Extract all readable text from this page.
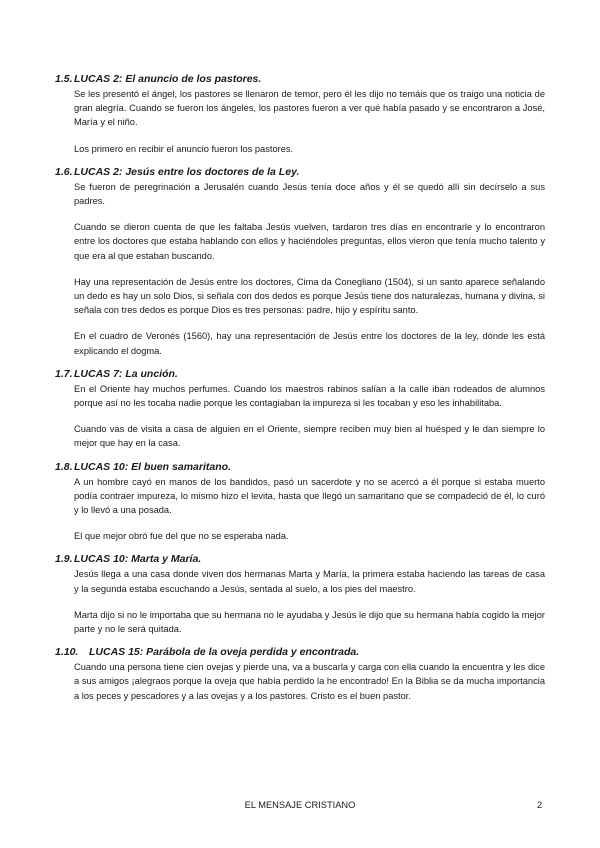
1.5. LUCAS 2: El anuncio de los pastores.

Se les presentó el ángel, los pastores se llenaron de temor, pero él les dijo no temáis que os traigo una noticia de gran alegría. Cuando se fueron los ángeles, los pastores fueron a ver qué había pasado y se encontraron a José, María y el niño.

Los primero en recibir el anuncio fueron los pastores.

1.6. LUCAS 2: Jesús entre los doctores de la Ley.

Se fueron de peregrinación a Jerusalén cuando Jesús tenía doce años y él se quedó allí sin decírselo a sus padres.

Cuando se dieron cuenta de que les faltaba Jesús vuelven, tardaron tres días en encontrarle y lo encontraron entre los doctores que estaba hablando con ellos y haciéndoles preguntas, ellos vieron que tenía mucho talento y que era al que estaban buscando.

Hay una representación de Jesús entre los doctores, Cima da Conegliano (1504), si un santo aparece señalando un dedo es hay un solo Dios, si señala con dos dedos es porque Jesús tiene dos naturalezas, humana y divina, si señala con tres dedos es porque Dios es tres personas: padre, hijo y espíritu santo.

En el cuadro de Veronés (1560), hay una representación de Jesús entre los doctores de la ley, dónde les está explicando el dogma.

1.7. LUCAS 7: La unción.

En el Oriente hay muchos perfumes. Cuando los maestros rabinos salían a la calle iban rodeados de alumnos porque así no les tocaba nadie porque les contagiaban la impureza si les tocaban y eso les inhabilitaba.

Cuando vas de visita a casa de alguien en el Oriente, siempre reciben muy bien al huésped y le dan siempre lo mejor que hay en la casa.

1.8. LUCAS 10: El buen samaritano.

A un hombre cayó en manos de los bandidos, pasó un sacerdote y no se acercó a él porque si estaba muerto podía contraer impureza, lo mismo hizo el levita, hasta que llegó un samaritano que se compadeció de él, lo curó y lo llevó a una posada.

El que mejor obró fue del que no se esperaba nada.

1.9. LUCAS 10: Marta y María.

Jesús llega a una casa donde viven dos hermanas Marta y María, la primera estaba haciendo las tareas de casa y la segunda estaba escuchando a Jesús, sentada al suelo, a los pies del maestro.

Marta dijo si no le importaba que su hermana no le ayudaba y Jesús le dijo que su hermana había cogido la mejor parte y no le será quitada.

1.10.	LUCAS 15: Parábola de la oveja perdida y encontrada.

Cuando una persona tiene cien ovejas y pierde una, va a buscarla y carga con ella cuando la encuentra y les dice a sus amigos ¡alegraos porque la oveja que había perdido la he encontrado! En la Biblia se da mucha importancia a los peces y pescadores y a las ovejas y a los pastores. Cristo es el buen pastor.

EL MENSAJE CRISTIANO	2
